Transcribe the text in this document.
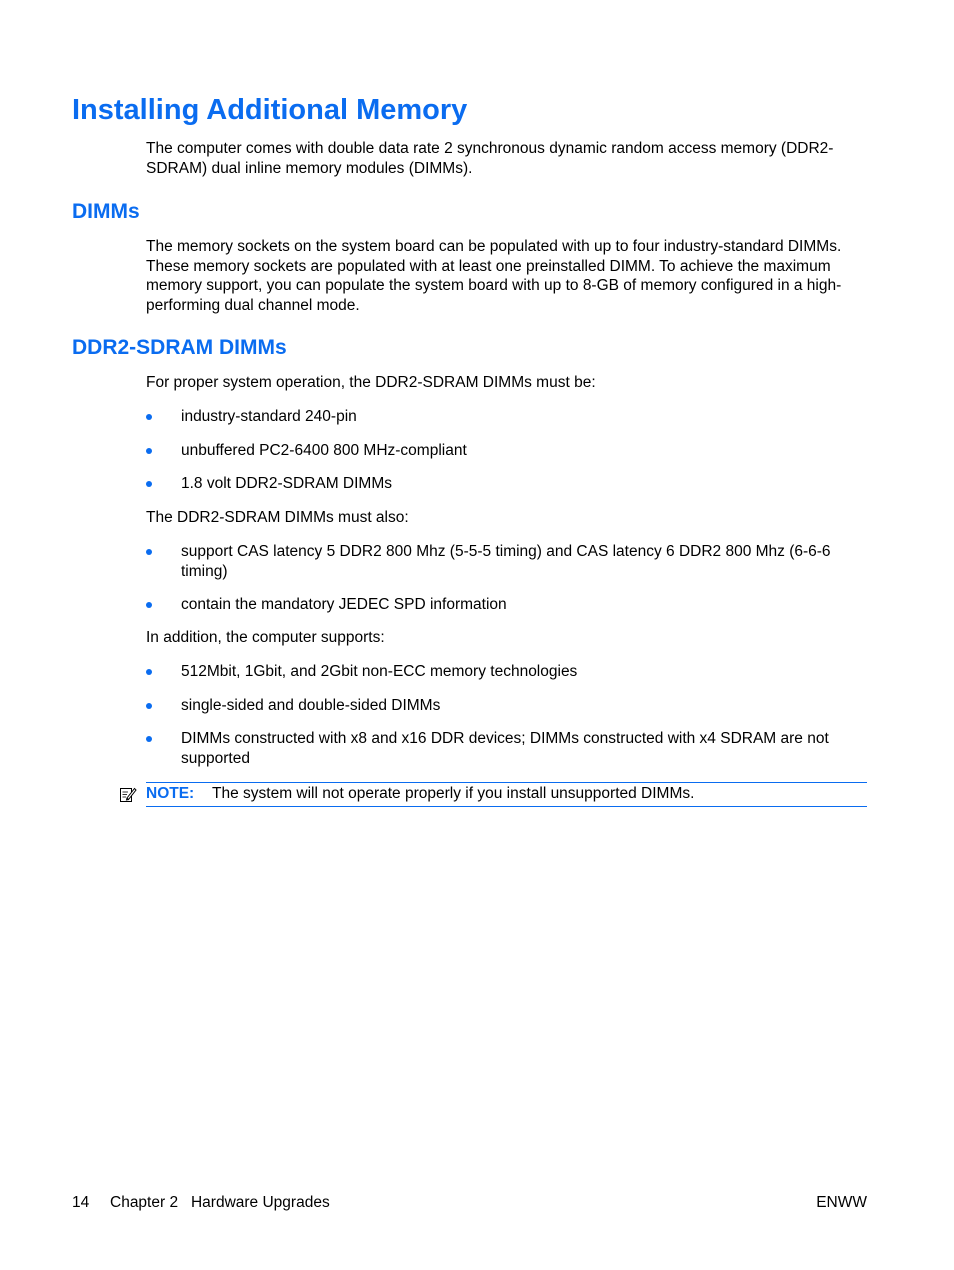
Installing Additional Memory

The computer comes with double data rate 2 synchronous dynamic random access memory (DDR2-SDRAM) dual inline memory modules (DIMMs).

DIMMs

The memory sockets on the system board can be populated with up to four industry-standard DIMMs. These memory sockets are populated with at least one preinstalled DIMM. To achieve the maximum memory support, you can populate the system board with up to 8-GB of memory configured in a high-performing dual channel mode.

DDR2-SDRAM DIMMs

For proper system operation, the DDR2-SDRAM DIMMs must be:

industry-standard 240-pin
unbuffered PC2-6400 800 MHz-compliant
1.8 volt DDR2-SDRAM DIMMs

The DDR2-SDRAM DIMMs must also:

support CAS latency 5 DDR2 800 Mhz (5-5-5 timing) and CAS latency 6 DDR2 800 Mhz (6-6-6 timing)
contain the mandatory JEDEC SPD information

In addition, the computer supports:

512Mbit, 1Gbit, and 2Gbit non-ECC memory technologies
single-sided and double-sided DIMMs
DIMMs constructed with x8 and x16 DDR devices; DIMMs constructed with x4 SDRAM are not supported
NOTE: The system will not operate properly if you install unsupported DIMMs.
14 Chapter 2   Hardware Upgrades	ENWW
